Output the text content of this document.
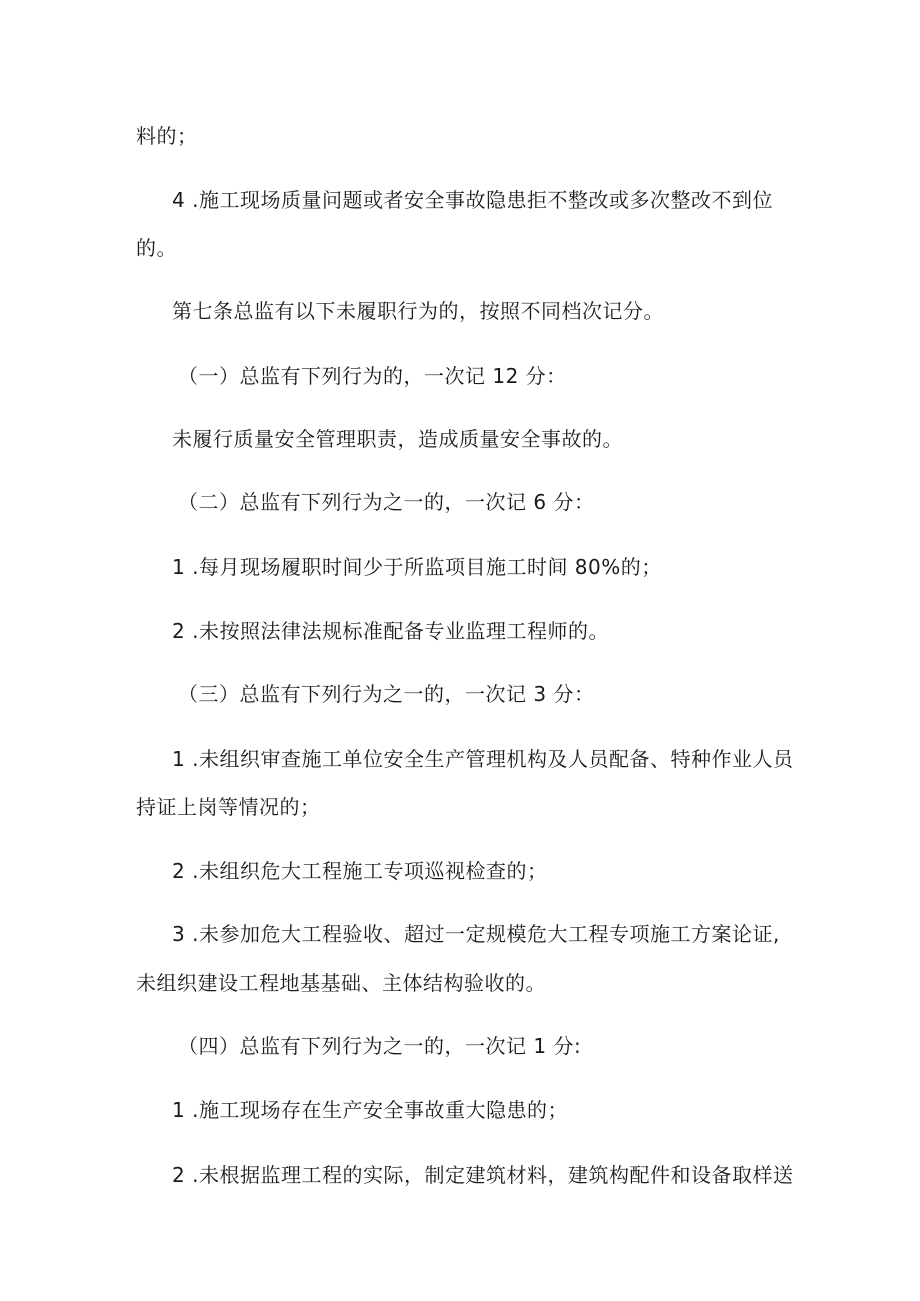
料的；
4 .施工现场质量问题或者安全事故隐患拒不整改或多次整改不到位
的。
第七条总监有以下未履职行为的，按照不同档次记分。
（一）总监有下列行为的，一次记 12 分：
未履行质量安全管理职责，造成质量安全事故的。
（二）总监有下列行为之一的，一次记 6 分：
1 .每月现场履职时间少于所监项目施工时间 80%的；
2 .未按照法律法规标准配备专业监理工程师的。
（三）总监有下列行为之一的，一次记 3 分：
1 .未组织审查施工单位安全生产管理机构及人员配备、特种作业人员
持证上岗等情况的；
2 .未组织危大工程施工专项巡视检查的；
3 .未参加危大工程验收、超过一定规模危大工程专项施工方案论证,
未组织建设工程地基基础、主体结构验收的。
（四）总监有下列行为之一的，一次记 1 分:
1 .施工现场存在生产安全事故重大隐患的；
2 .未根据监理工程的实际，制定建筑材料，建筑构配件和设备取样送
